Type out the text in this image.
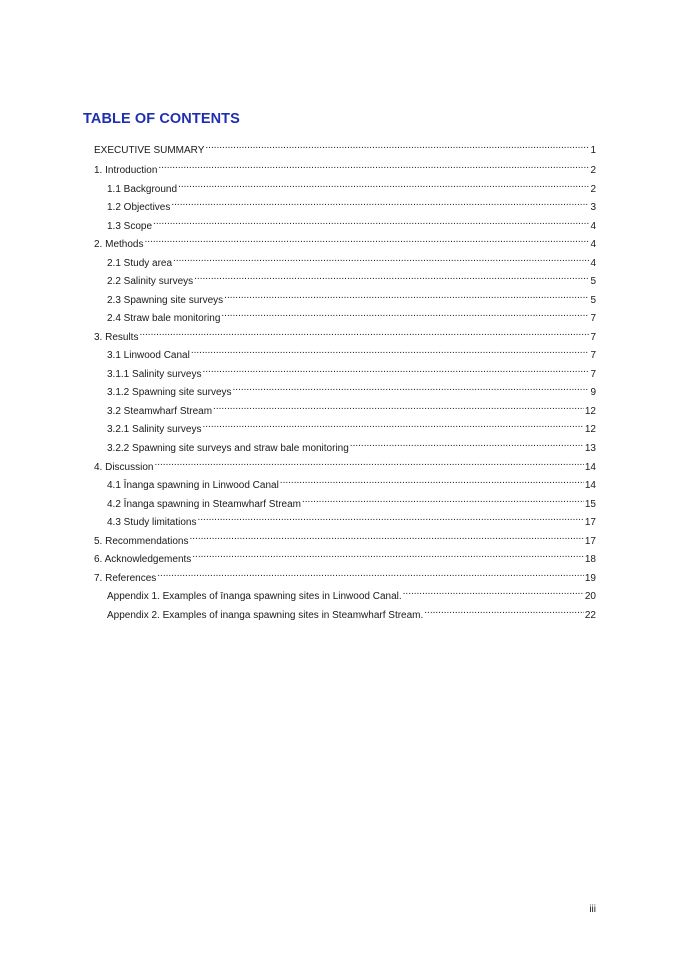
TABLE OF CONTENTS
EXECUTIVE SUMMARY .....	1
1. Introduction .....	2
1.1 Background .....	2
1.2 Objectives .....	3
1.3 Scope .....	4
2. Methods .....	4
2.1 Study area .....	4
2.2 Salinity surveys .....	5
2.3 Spawning site surveys .....	5
2.4 Straw bale monitoring .....	7
3. Results .....	7
3.1 Linwood Canal .....	7
3.1.1 Salinity surveys .....	7
3.1.2 Spawning site surveys .....	9
3.2 Steamwharf Stream .....	12
3.2.1 Salinity surveys .....	12
3.2.2 Spawning site surveys and straw bale monitoring .....	13
4. Discussion .....	14
4.1 Īnanga spawning in Linwood Canal .....	14
4.2 Īnanga spawning in Steamwharf Stream .....	15
4.3 Study limitations .....	17
5. Recommendations .....	17
6. Acknowledgements .....	18
7. References .....	19
Appendix 1. Examples of īnanga spawning sites in Linwood Canal. .....	20
Appendix 2. Examples of inanga spawning sites in Steamwharf Stream. .....	22
iii
